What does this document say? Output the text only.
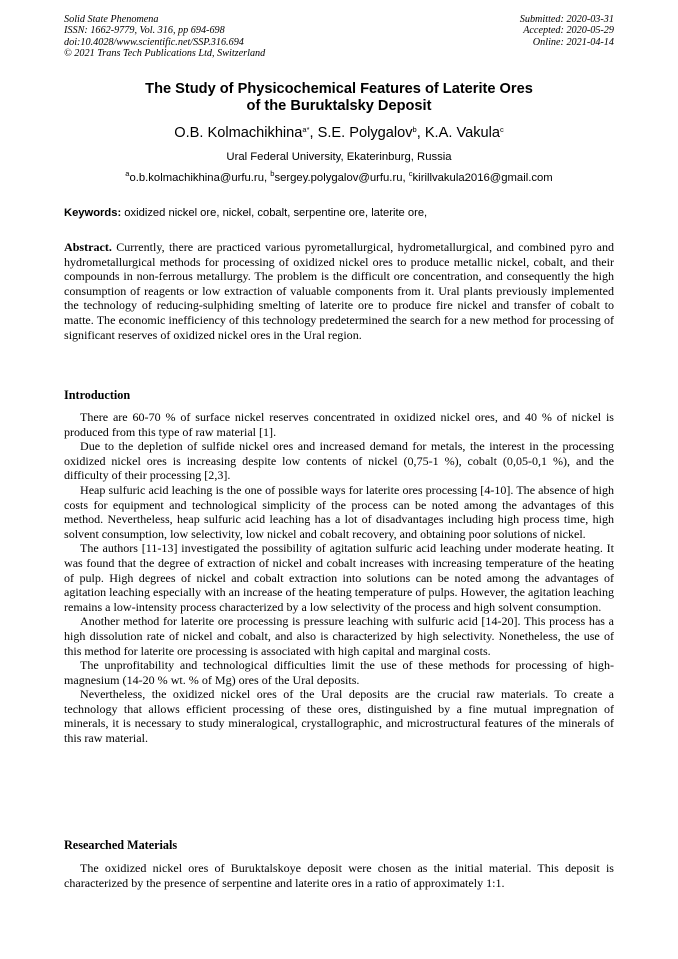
Solid State Phenomena
ISSN: 1662-9779, Vol. 316, pp 694-698
doi:10.4028/www.scientific.net/SSP.316.694
© 2021 Trans Tech Publications Ltd, Switzerland
Submitted: 2020-03-31
Accepted: 2020-05-29
Online: 2021-04-14
The Study of Physicochemical Features of Laterite Ores
of the Buruktalsky Deposit
O.B. Kolmachikhina$^{a*}$, S.E. Polygalov$^b$, K.A. Vakula$^c$
Ural Federal University, Ekaterinburg, Russia
$^a$o.b.kolmachikhina@urfu.ru, $^b$sergey.polygalov@urfu.ru, $^c$kirillvakula2016@gmail.com
Keywords: oxidized nickel ore, nickel, cobalt, serpentine ore, laterite ore,

Abstract. Currently, there are practiced various pyrometallurgical, hydrometallurgical, and combined pyro and hydrometallurgical methods for processing of oxidized nickel ores to produce metallic nickel, cobalt, and their compounds in non-ferrous metallurgy. The problem is the difficult ore concentration, and consequently the high consumption of reagents or low extraction of valuable components from it. Ural plants previously implemented the technology of reducing-sulphiding smelting of laterite ore to produce fire nickel and transfer of cobalt to matte. The economic inefficiency of this technology predetermined the search for a new method for processing of significant reserves of oxidized nickel ores in the Ural region.

Introduction

There are 60-70 % of surface nickel reserves concentrated in oxidized nickel ores, and 40 % of nickel is produced from this type of raw material [1].

Due to the depletion of sulfide nickel ores and increased demand for metals, the interest in the processing oxidized nickel ores is increasing despite low contents of nickel (0,75-1 %), cobalt (0,05-0,1 %), and the difficulty of their processing [2,3].

Heap sulfuric acid leaching is the one of possible ways for laterite ores processing [4-10]. The absence of high costs for equipment and technological simplicity of the process can be noted among the advantages of this method. Nevertheless, heap sulfuric acid leaching has a lot of disadvantages including high process time, high solvent consumption, low selectivity, low nickel and cobalt recovery, and obtaining poor solutions of nickel.

The authors [11-13] investigated the possibility of agitation sulfuric acid leaching under moderate heating. It was found that the degree of extraction of nickel and cobalt increases with increasing temperature of the heating of pulp. High degrees of nickel and cobalt extraction into solutions can be noted among the advantages of agitation leaching especially with an increase of the heating temperature of pulps. However, the agitation leaching remains a low-intensity process characterized by a low selectivity of the process and high solvent consumption.

Another method for laterite ore processing is pressure leaching with sulfuric acid [14-20]. This process has a high dissolution rate of nickel and cobalt, and also is characterized by high selectivity. Nonetheless, the use of this method for laterite ore processing is associated with high capital and marginal costs.

The unprofitability and technological difficulties limit the use of these methods for processing of high-magnesium (14-20 % wt. % of Mg) ores of the Ural deposits.

Nevertheless, the oxidized nickel ores of the Ural deposits are the crucial raw materials. To create a technology that allows efficient processing of these ores, distinguished by a fine mutual impregnation of minerals, it is necessary to study mineralogical, crystallographic, and microstructural features of the minerals of this raw material.

Researched Materials

The oxidized nickel ores of Buruktalskoye deposit were chosen as the initial material. This deposit is characterized by the presence of serpentine and laterite ores in a ratio of approximately 1:1.
